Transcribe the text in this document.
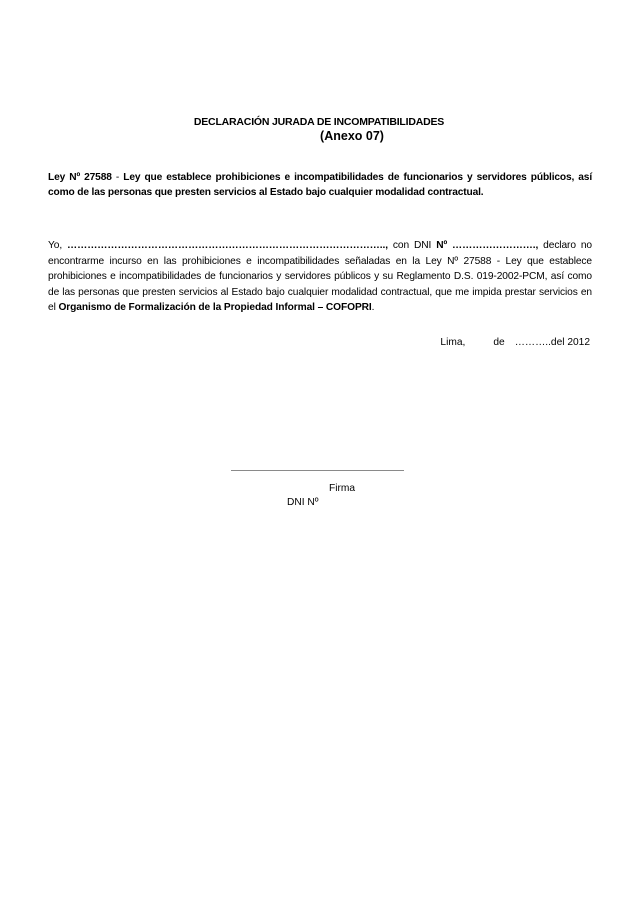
DECLARACIÓN JURADA DE INCOMPATIBILIDADES
(Anexo 07)
Ley Nº 27588 - Ley que establece prohibiciones e incompatibilidades de funcionarios y servidores públicos, así como de las personas que presten servicios al Estado bajo cualquier modalidad contractual.
Yo, ………………………………………………………………………………….., con DNI Nº ……………………., declaro no encontrarme incurso en las prohibiciones e incompatibilidades señaladas en la Ley Nº 27588 - Ley que establece prohibiciones e incompatibilidades de funcionarios y servidores públicos y su Reglamento D.S. 019-2002-PCM, así como de las personas que presten servicios al Estado bajo cualquier modalidad contractual, que me impida prestar servicios en el Organismo de Formalización de la Propiedad Informal – COFOPRI.
Lima,	de ………..del 2012
Firma
DNI Nº
